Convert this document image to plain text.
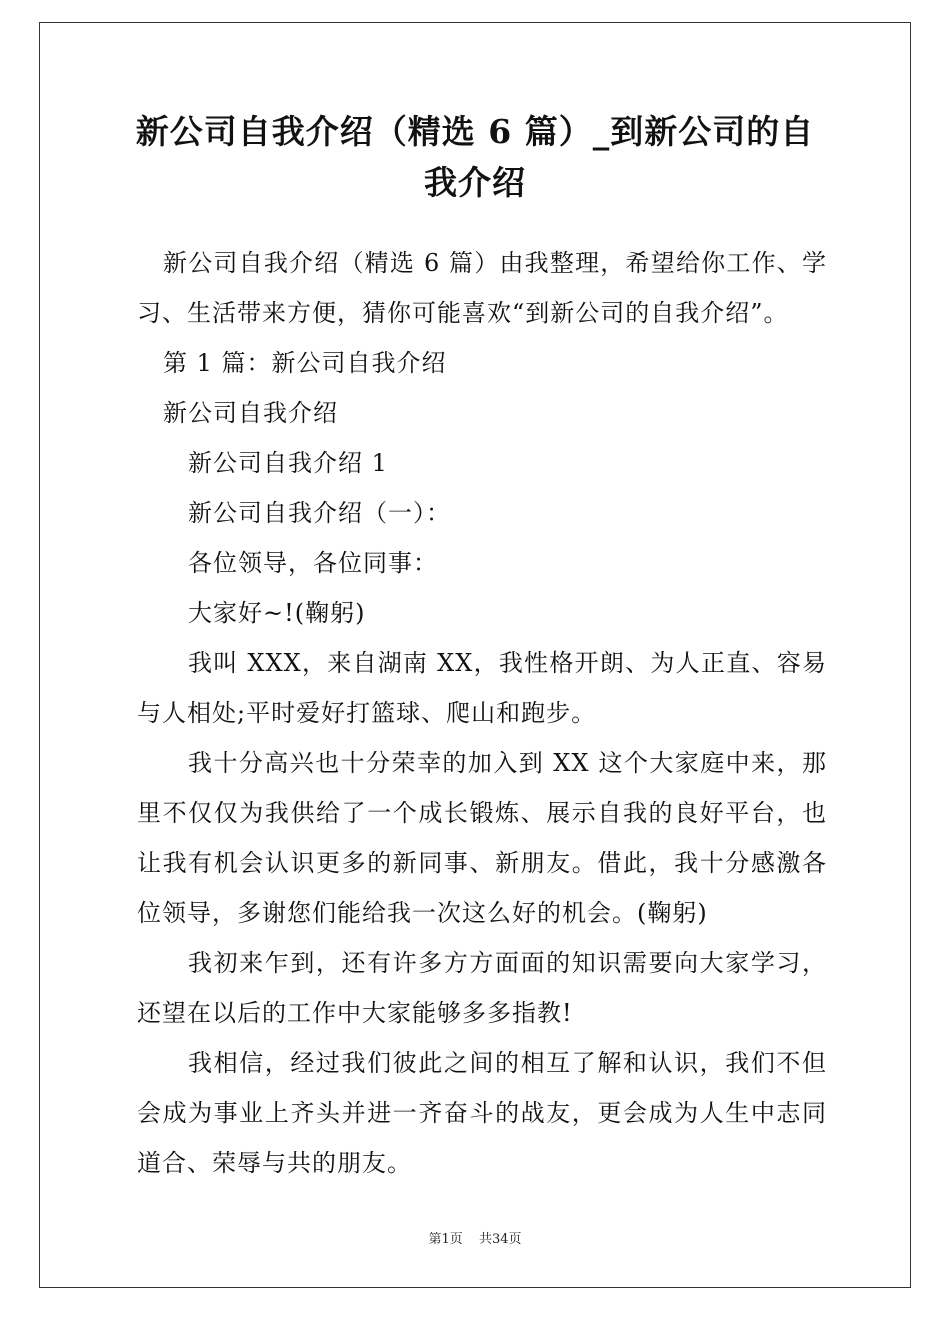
新公司自我介绍（精选 6 篇）_到新公司的自我介绍

新公司自我介绍（精选 6 篇）由我整理，希望给你工作、学习、生活带来方便，猜你可能喜欢“到新公司的自我介绍”。

第 1 篇：新公司自我介绍

新公司自我介绍

新公司自我介绍 1

新公司自我介绍（一）：

各位领导，各位同事：

大家好~!(鞠躬)

我叫 XXX，来自湖南 XX，我性格开朗、为人正直、容易与人相处;平时爱好打篮球、爬山和跑步。

我十分高兴也十分荣幸的加入到 XX 这个大家庭中来，那里不仅仅为我供给了一个成长锻炼、展示自我的良好平台，也让我有机会认识更多的新同事、新朋友。借此，我十分感激各位领导，多谢您们能给我一次这么好的机会。(鞠躬)

我初来乍到，还有许多方方面面的知识需要向大家学习，还望在以后的工作中大家能够多多指教!

我相信，经过我们彼此之间的相互了解和认识，我们不但会成为事业上齐头并进一齐奋斗的战友，更会成为人生中志同道合、荣辱与共的朋友。

第1页 共34页
